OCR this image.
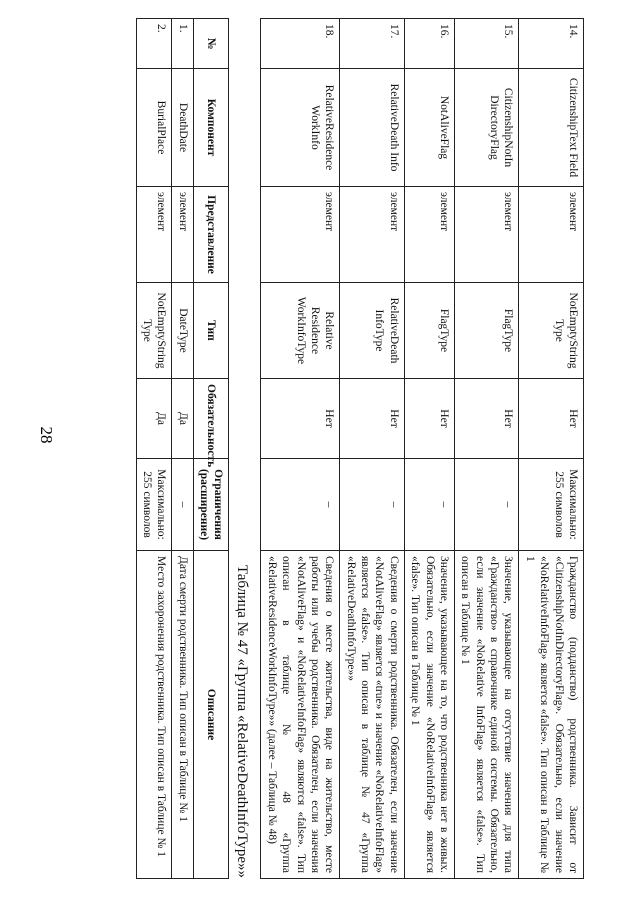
28
14.	CitizenshipText Field	элемент	NotEmptyString Type	Нет	Максимально: 255 символов	Гражданство (подданство) родственника. Зависит от «CitizenshipNotInDirectoryFlag». Обязательно, если значение «NoRelativeInfoFlag» является «false». Тип описан в Таблице № 1
15.	CitizenshipNotIn DirectoryFlag	элемент	FlagType	Нет	–	Значение, указывающее на отсутствие значения для типа «Гражданство» в справочнике единой системы. Обязательно, если значение «NoRelative InfoFlag» является «false». Тип описан в Таблице № 1
16.	NotAliveFlag	элемент	FlagType	Нет	–	Значение, указывающее на то, что родственника нет в живых. Обязательно, если значение «NoRelativeInfoFlag» является «false». Тип описан в Таблице № 1
17.	RelativeDeath Info	элемент	RelativeDeath InfoType	Нет	–	Сведения о смерти родственника. Обязателен, если значение «NotAliveFlag» является «true» и значение «NoRelativeInfoFlag» является «false». Тип описан в таблице № 47 «Группа «RelativeDeathInfoType»»
18.	RelativeResidence WorkInfo	элемент	Relative Residence WorkInfoType	Нет	–	Сведения о месте жительства, виде на жительство, месте работы или учебы родственника. Обязателен, если значения «NotAliveFlag» и «NoRelativeInfoFlag» являются «false». Тип описан в таблице № 48 «Группа «RelativeResidenceWorkInfoType»» (далее – Таблица № 48)
Таблица № 47 «Группа «RelativeDeathInfoType»»
№	Компонент	Представление	Тип	Обязательность	Ограничения (расширение)	Описание
1.	DeathDate	элемент	DateType	Да	–	Дата смерти родственника. Тип описан в Таблице № 1
2.	BurialPlace	элемент	NotEmptyString Type	Да	Максимально: 255 символов	Место захоронения родственника. Тип описан в Таблице № 1
